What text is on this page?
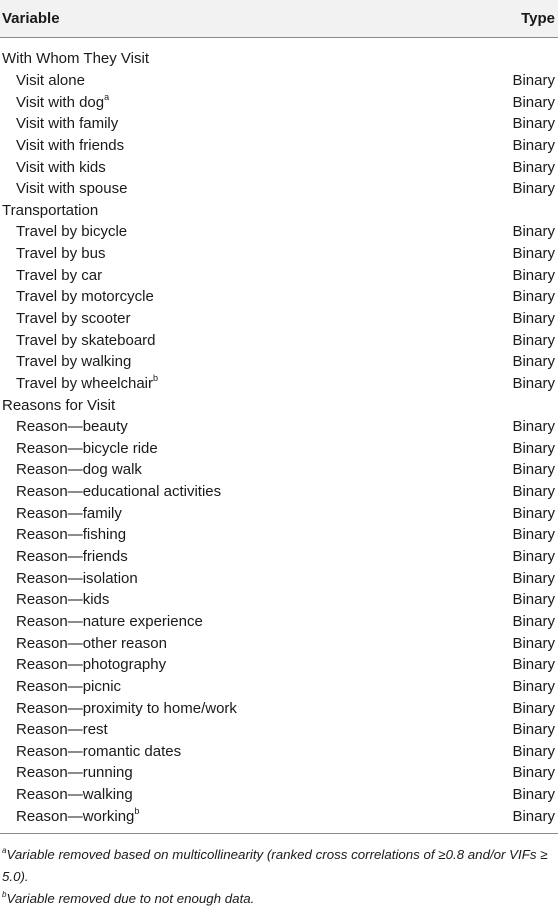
Variable	Type
With Whom They Visit
Visit alone	Binary
Visit with dog$^a$	Binary
Visit with family	Binary
Visit with friends	Binary
Visit with kids	Binary
Visit with spouse	Binary
Transportation
Travel by bicycle	Binary
Travel by bus	Binary
Travel by car	Binary
Travel by motorcycle	Binary
Travel by scooter	Binary
Travel by skateboard	Binary
Travel by walking	Binary
Travel by wheelchair$^b$	Binary
Reasons for Visit
Reason—beauty	Binary
Reason—bicycle ride	Binary
Reason—dog walk	Binary
Reason—educational activities	Binary
Reason—family	Binary
Reason—fishing	Binary
Reason—friends	Binary
Reason—isolation	Binary
Reason—kids	Binary
Reason—nature experience	Binary
Reason—other reason	Binary
Reason—photography	Binary
Reason—picnic	Binary
Reason—proximity to home/work	Binary
Reason—rest	Binary
Reason—romantic dates	Binary
Reason—running	Binary
Reason—walking	Binary
Reason—working$^b$	Binary
$^a$Variable removed based on multicollinearity (ranked cross correlations of ≥0.8 and/or VIFs ≥ 5.0).
$^b$Variable removed due to not enough data.
